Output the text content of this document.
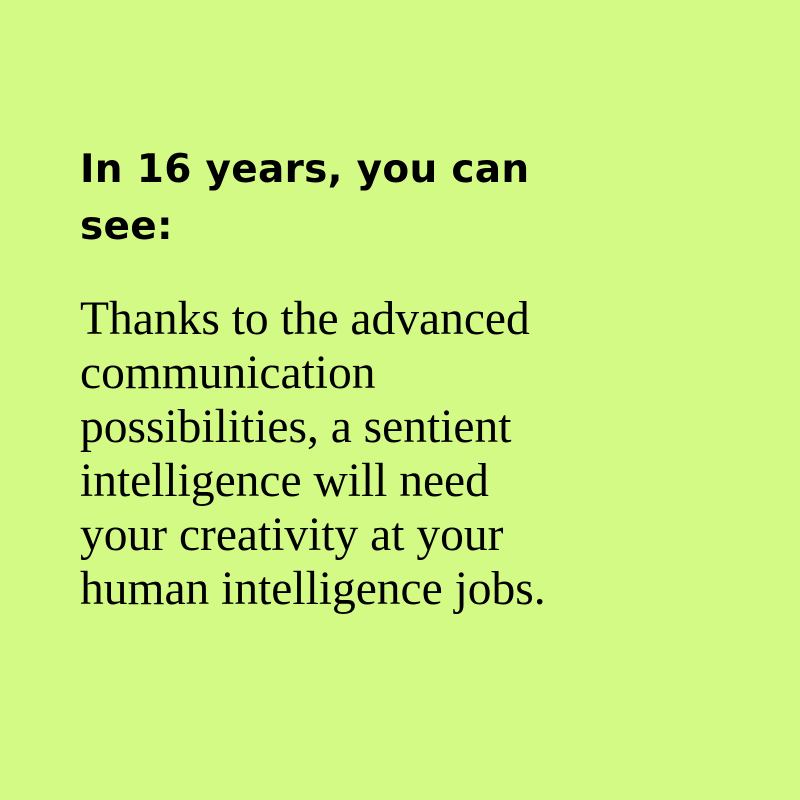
In 16 years, you can
see:

Thanks to the advanced
communication
possibilities, a sentient
intelligence will need
your creativity at your
human intelligence jobs.
